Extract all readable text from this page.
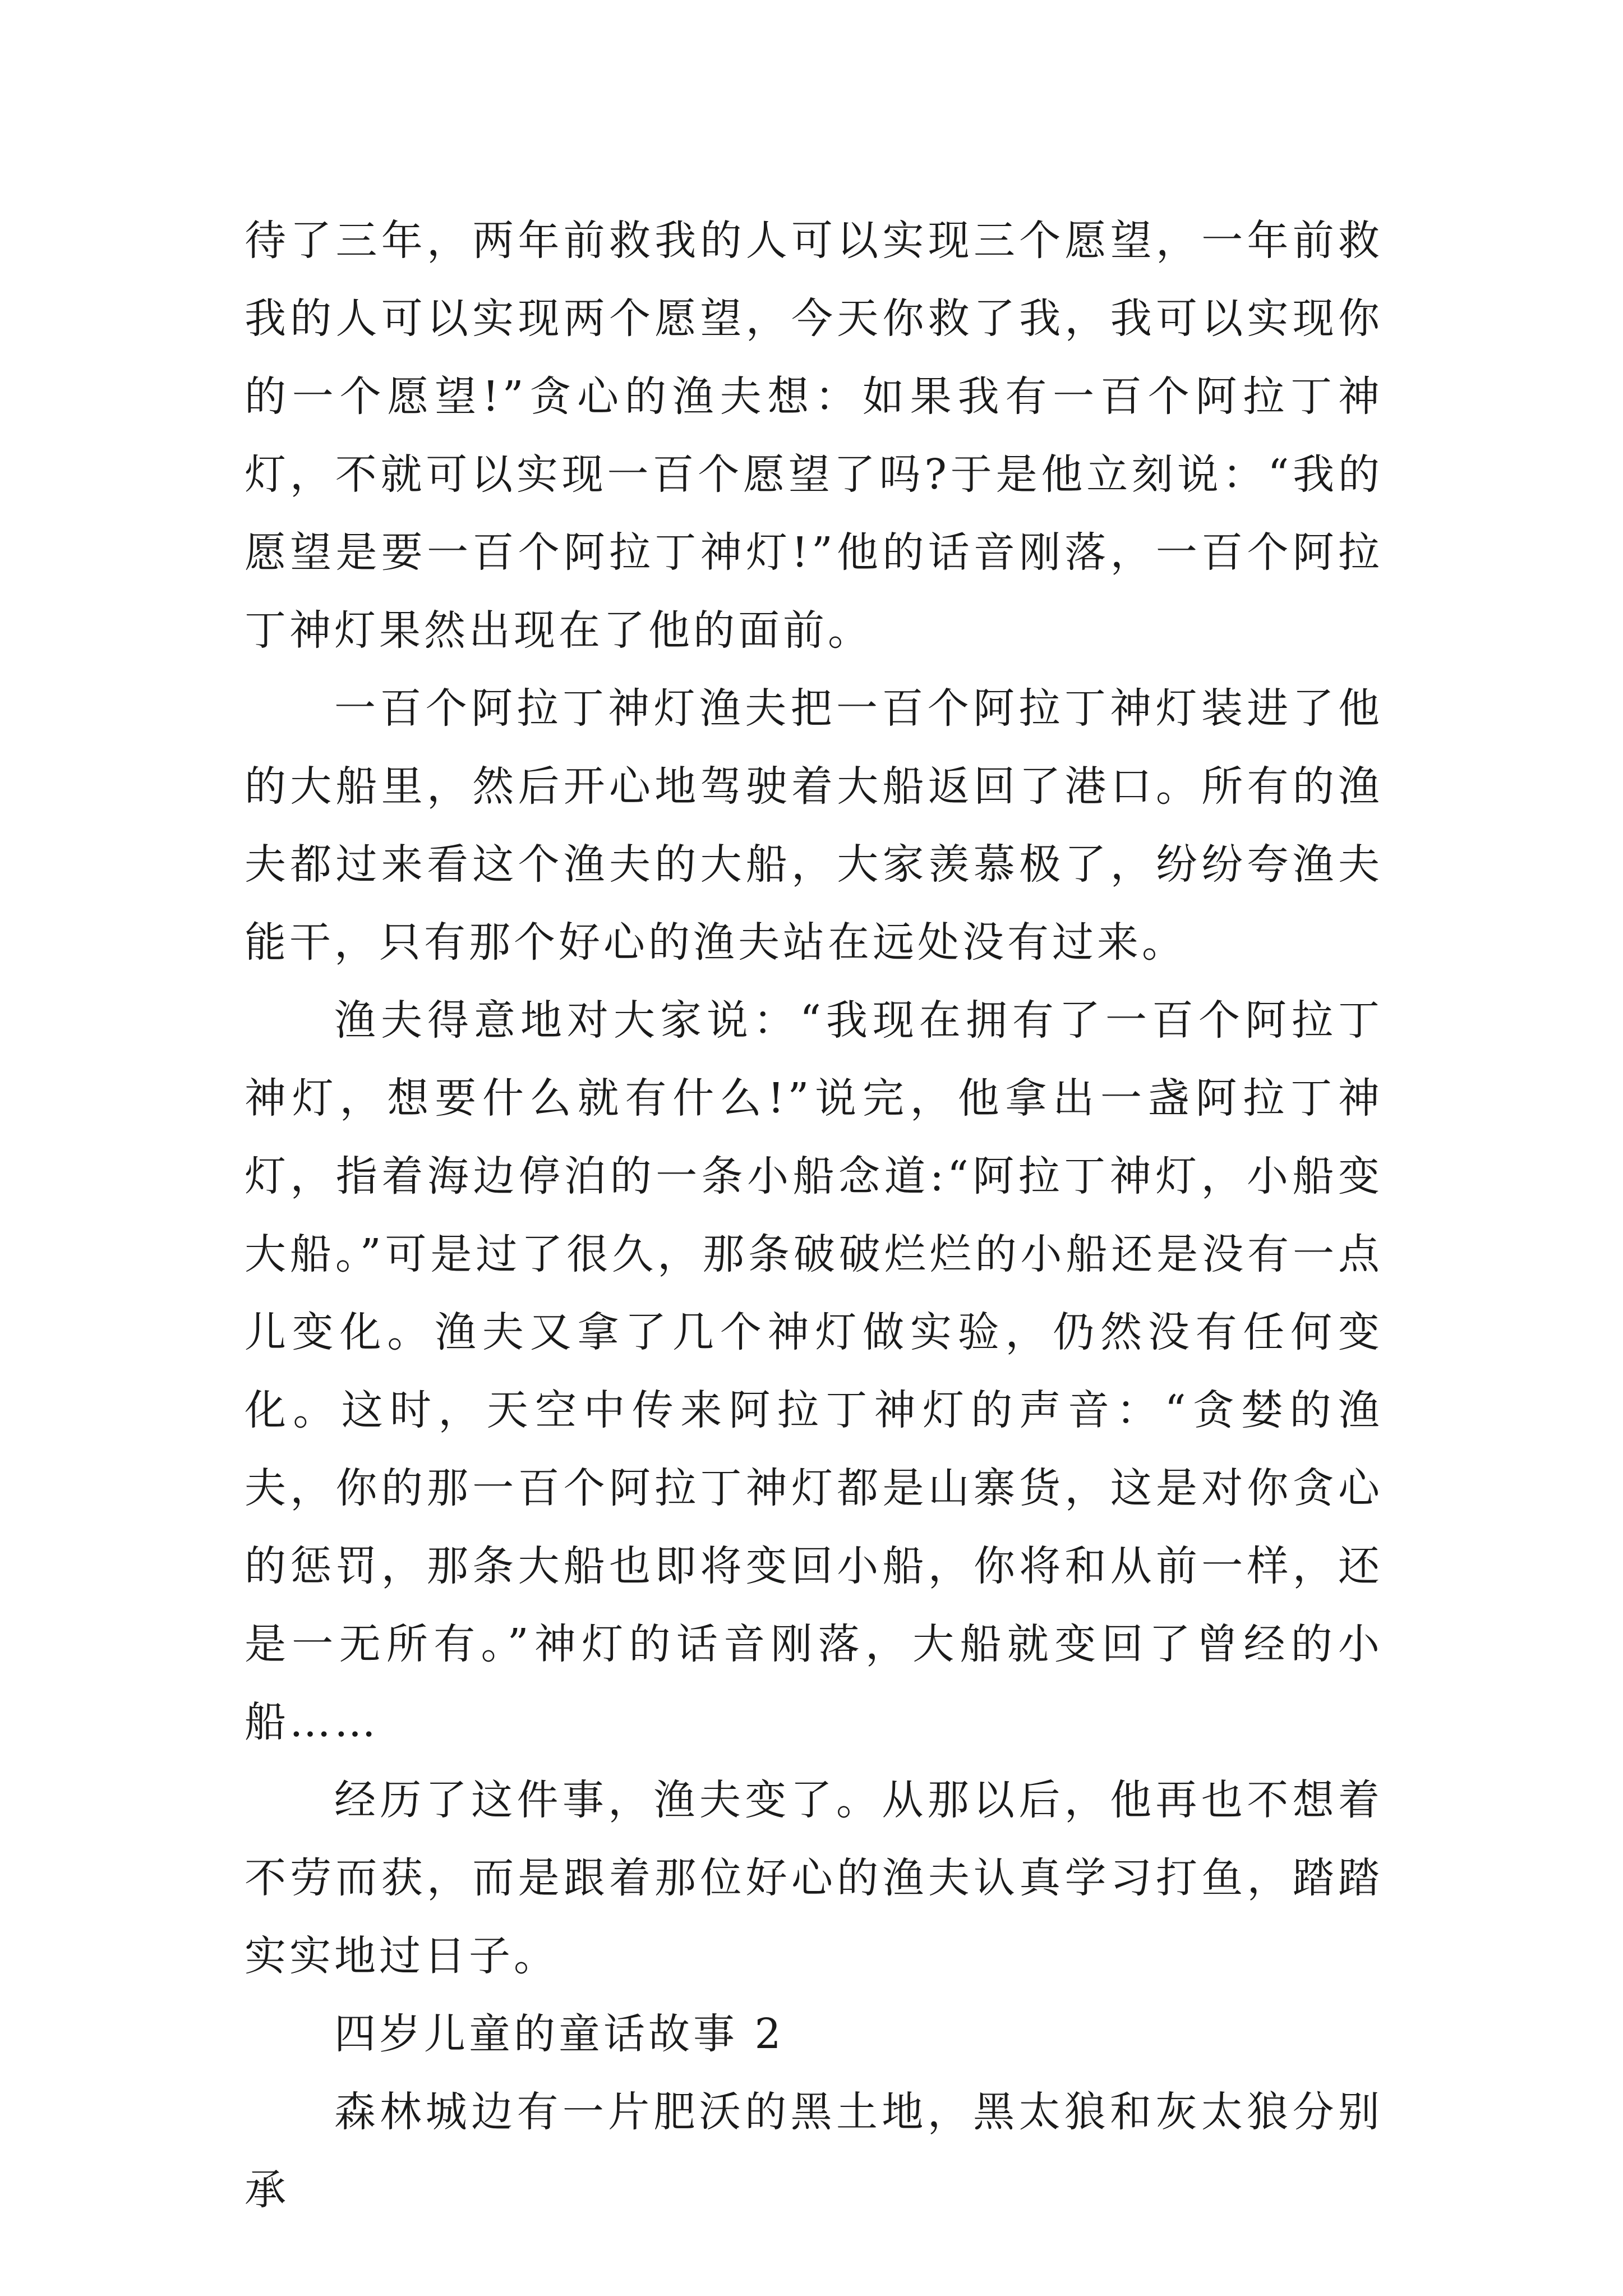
待了三年，两年前救我的人可以实现三个愿望，一年前救我的人可以实现两个愿望，今天你救了我，我可以实现你的一个愿望!”贪心的渔夫想：如果我有一百个阿拉丁神灯，不就可以实现一百个愿望了吗?于是他立刻说：“我的愿望是要一百个阿拉丁神灯!”他的话音刚落，一百个阿拉丁神灯果然出现在了他的面前。

一百个阿拉丁神灯渔夫把一百个阿拉丁神灯装进了他的大船里，然后开心地驾驶着大船返回了港口。所有的渔夫都过来看这个渔夫的大船，大家羡慕极了，纷纷夸渔夫能干，只有那个好心的渔夫站在远处没有过来。

渔夫得意地对大家说：“我现在拥有了一百个阿拉丁神灯，想要什么就有什么!”说完，他拿出一盏阿拉丁神灯，指着海边停泊的一条小船念道:“阿拉丁神灯，小船变大船。”可是过了很久，那条破破烂烂的小船还是没有一点儿变化。渔夫又拿了几个神灯做实验，仍然没有任何变化。这时，天空中传来阿拉丁神灯的声音：“贪婪的渔夫，你的那一百个阿拉丁神灯都是山寨货，这是对你贪心的惩罚，那条大船也即将变回小船，你将和从前一样，还是一无所有。”神灯的话音刚落，大船就变回了曾经的小船……

经历了这件事，渔夫变了。从那以后，他再也不想着不劳而获，而是跟着那位好心的渔夫认真学习打鱼，踏踏实实地过日子。

四岁儿童的童话故事 2

森林城边有一片肥沃的黑土地，黑太狼和灰太狼分别承
